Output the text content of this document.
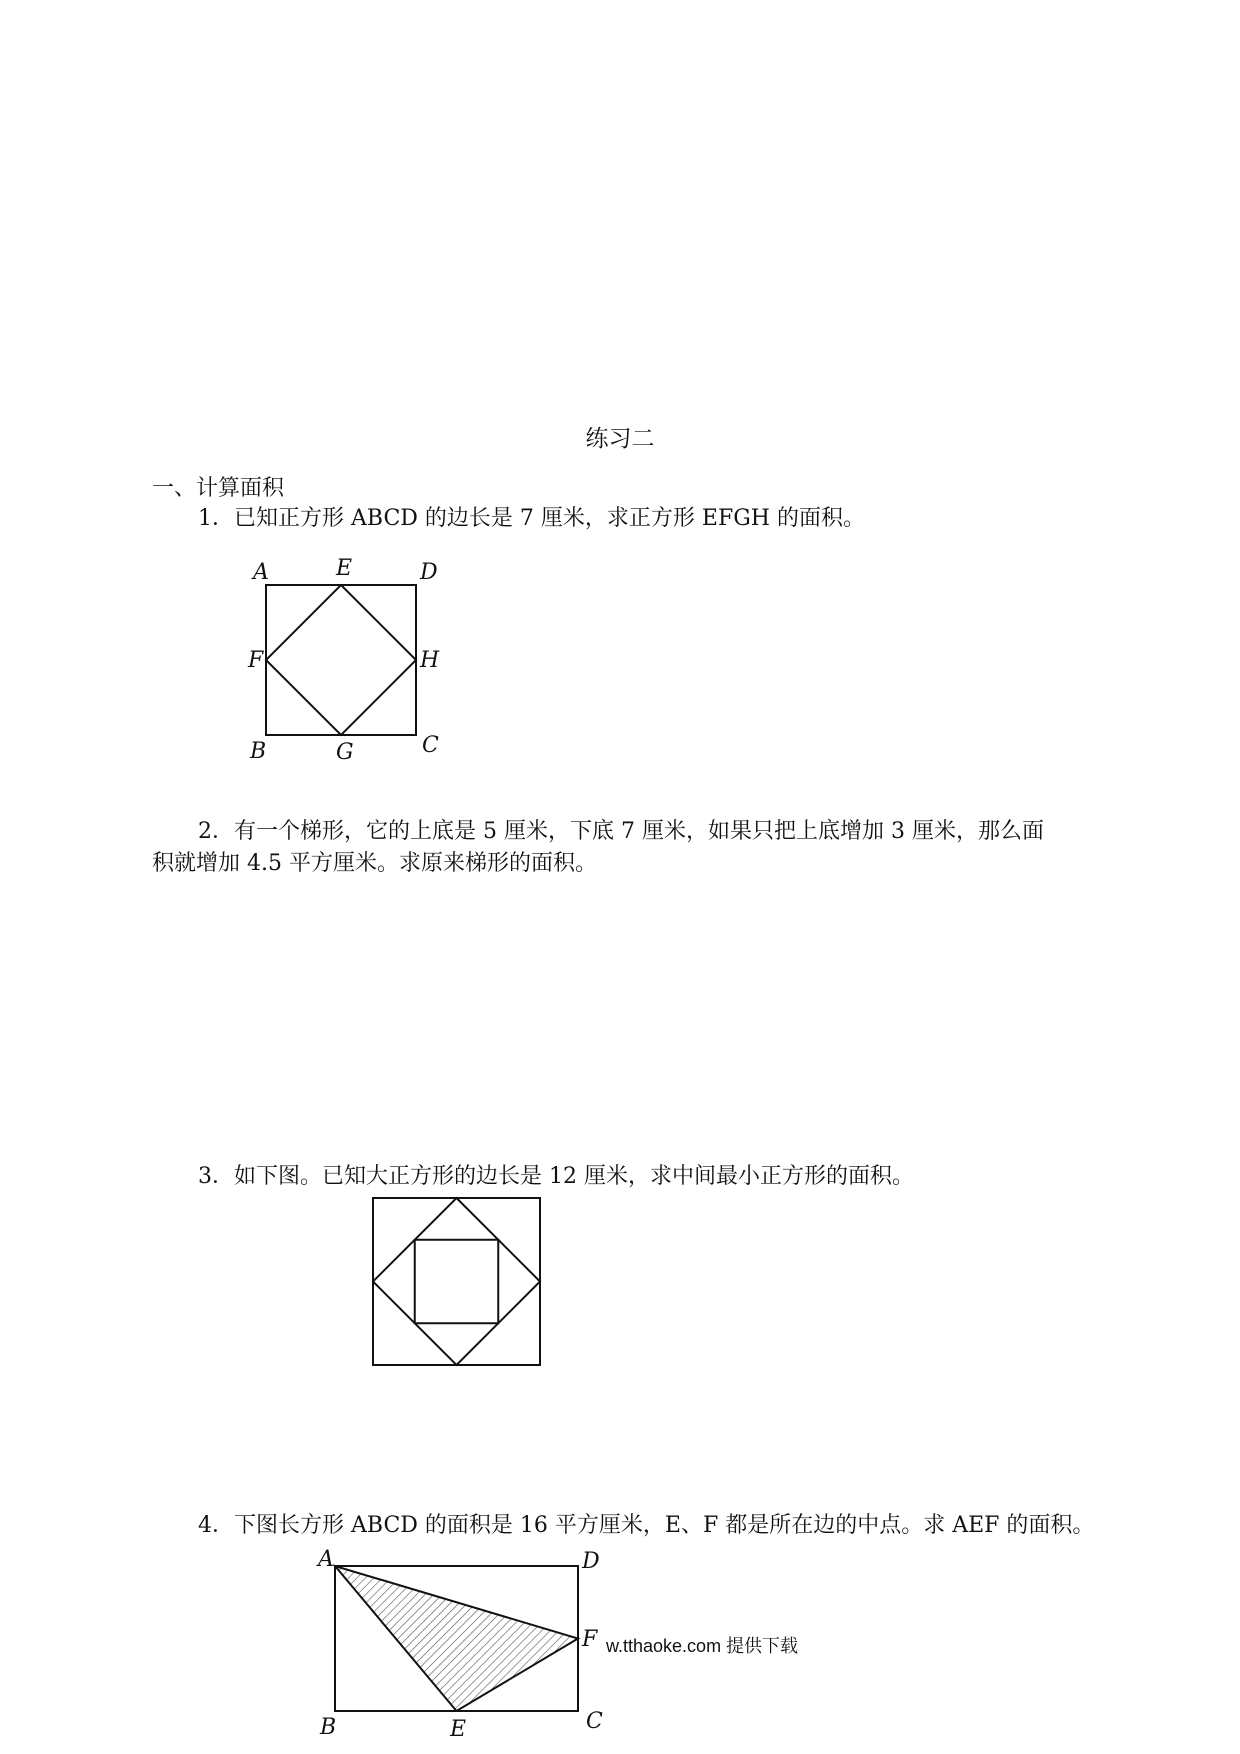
练习二
一、计算面积
1．已知正方形 ABCD 的边长是 7 厘米，求正方形 EFGH 的面积。
A	E	D
F	H
B	G	C
2．有一个梯形，它的上底是 5 厘米，下底 7 厘米，如果只把上底增加 3 厘米，那么面
积就增加 4.5 平方厘米。求原来梯形的面积。
3．如下图。已知大正方形的边长是 12 厘米，求中间最小正方形的面积。
4．下图长方形 ABCD 的面积是 16 平方厘米，E、F 都是所在边的中点。求 AEF 的面积。
A	D
F
B	E	C
w.tthaoke.com 提供下载
